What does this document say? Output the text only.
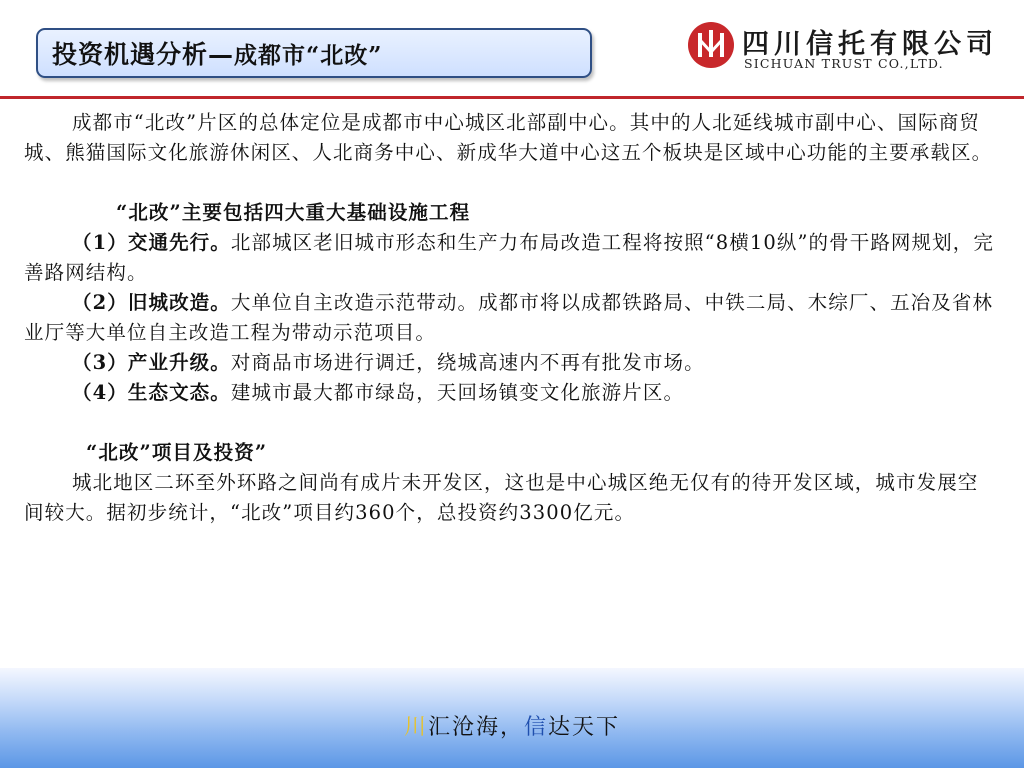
投资机遇分析— 成都市“北改”	四川信托有限公司
SICHUAN TRUST CO.,LTD.

成都市“北改”片区的总体定位是成都市中心城区北部副中心。其中的人北延线城市副中心、国际商贸城、熊猫国际文化旅游休闲区、人北商务中心、新成华大道中心这五个板块是区域中心功能的主要承载区。

“北改”主要包括四大重大基础设施工程

（1）交通先行。北部城区老旧城市形态和生产力布局改造工程将按照“8横10纵”的骨干路网规划，完善路网结构。

（2）旧城改造。大单位自主改造示范带动。成都市将以成都铁路局、中铁二局、木综厂、五冶及省林业厅等大单位自主改造工程为带动示范项目。

（3）产业升级。对商品市场进行调迁，绕城高速内不再有批发市场。

（4）生态文态。建城市最大都市绿岛，天回场镇变文化旅游片区。

“北改”项目及投资”

城北地区二环至外环路之间尚有成片未开发区，这也是中心城区绝无仅有的待开发区域，城市发展空间较大。据初步统计，“北改”项目约360个，总投资约3300亿元。

川汇沧海，信达天下
